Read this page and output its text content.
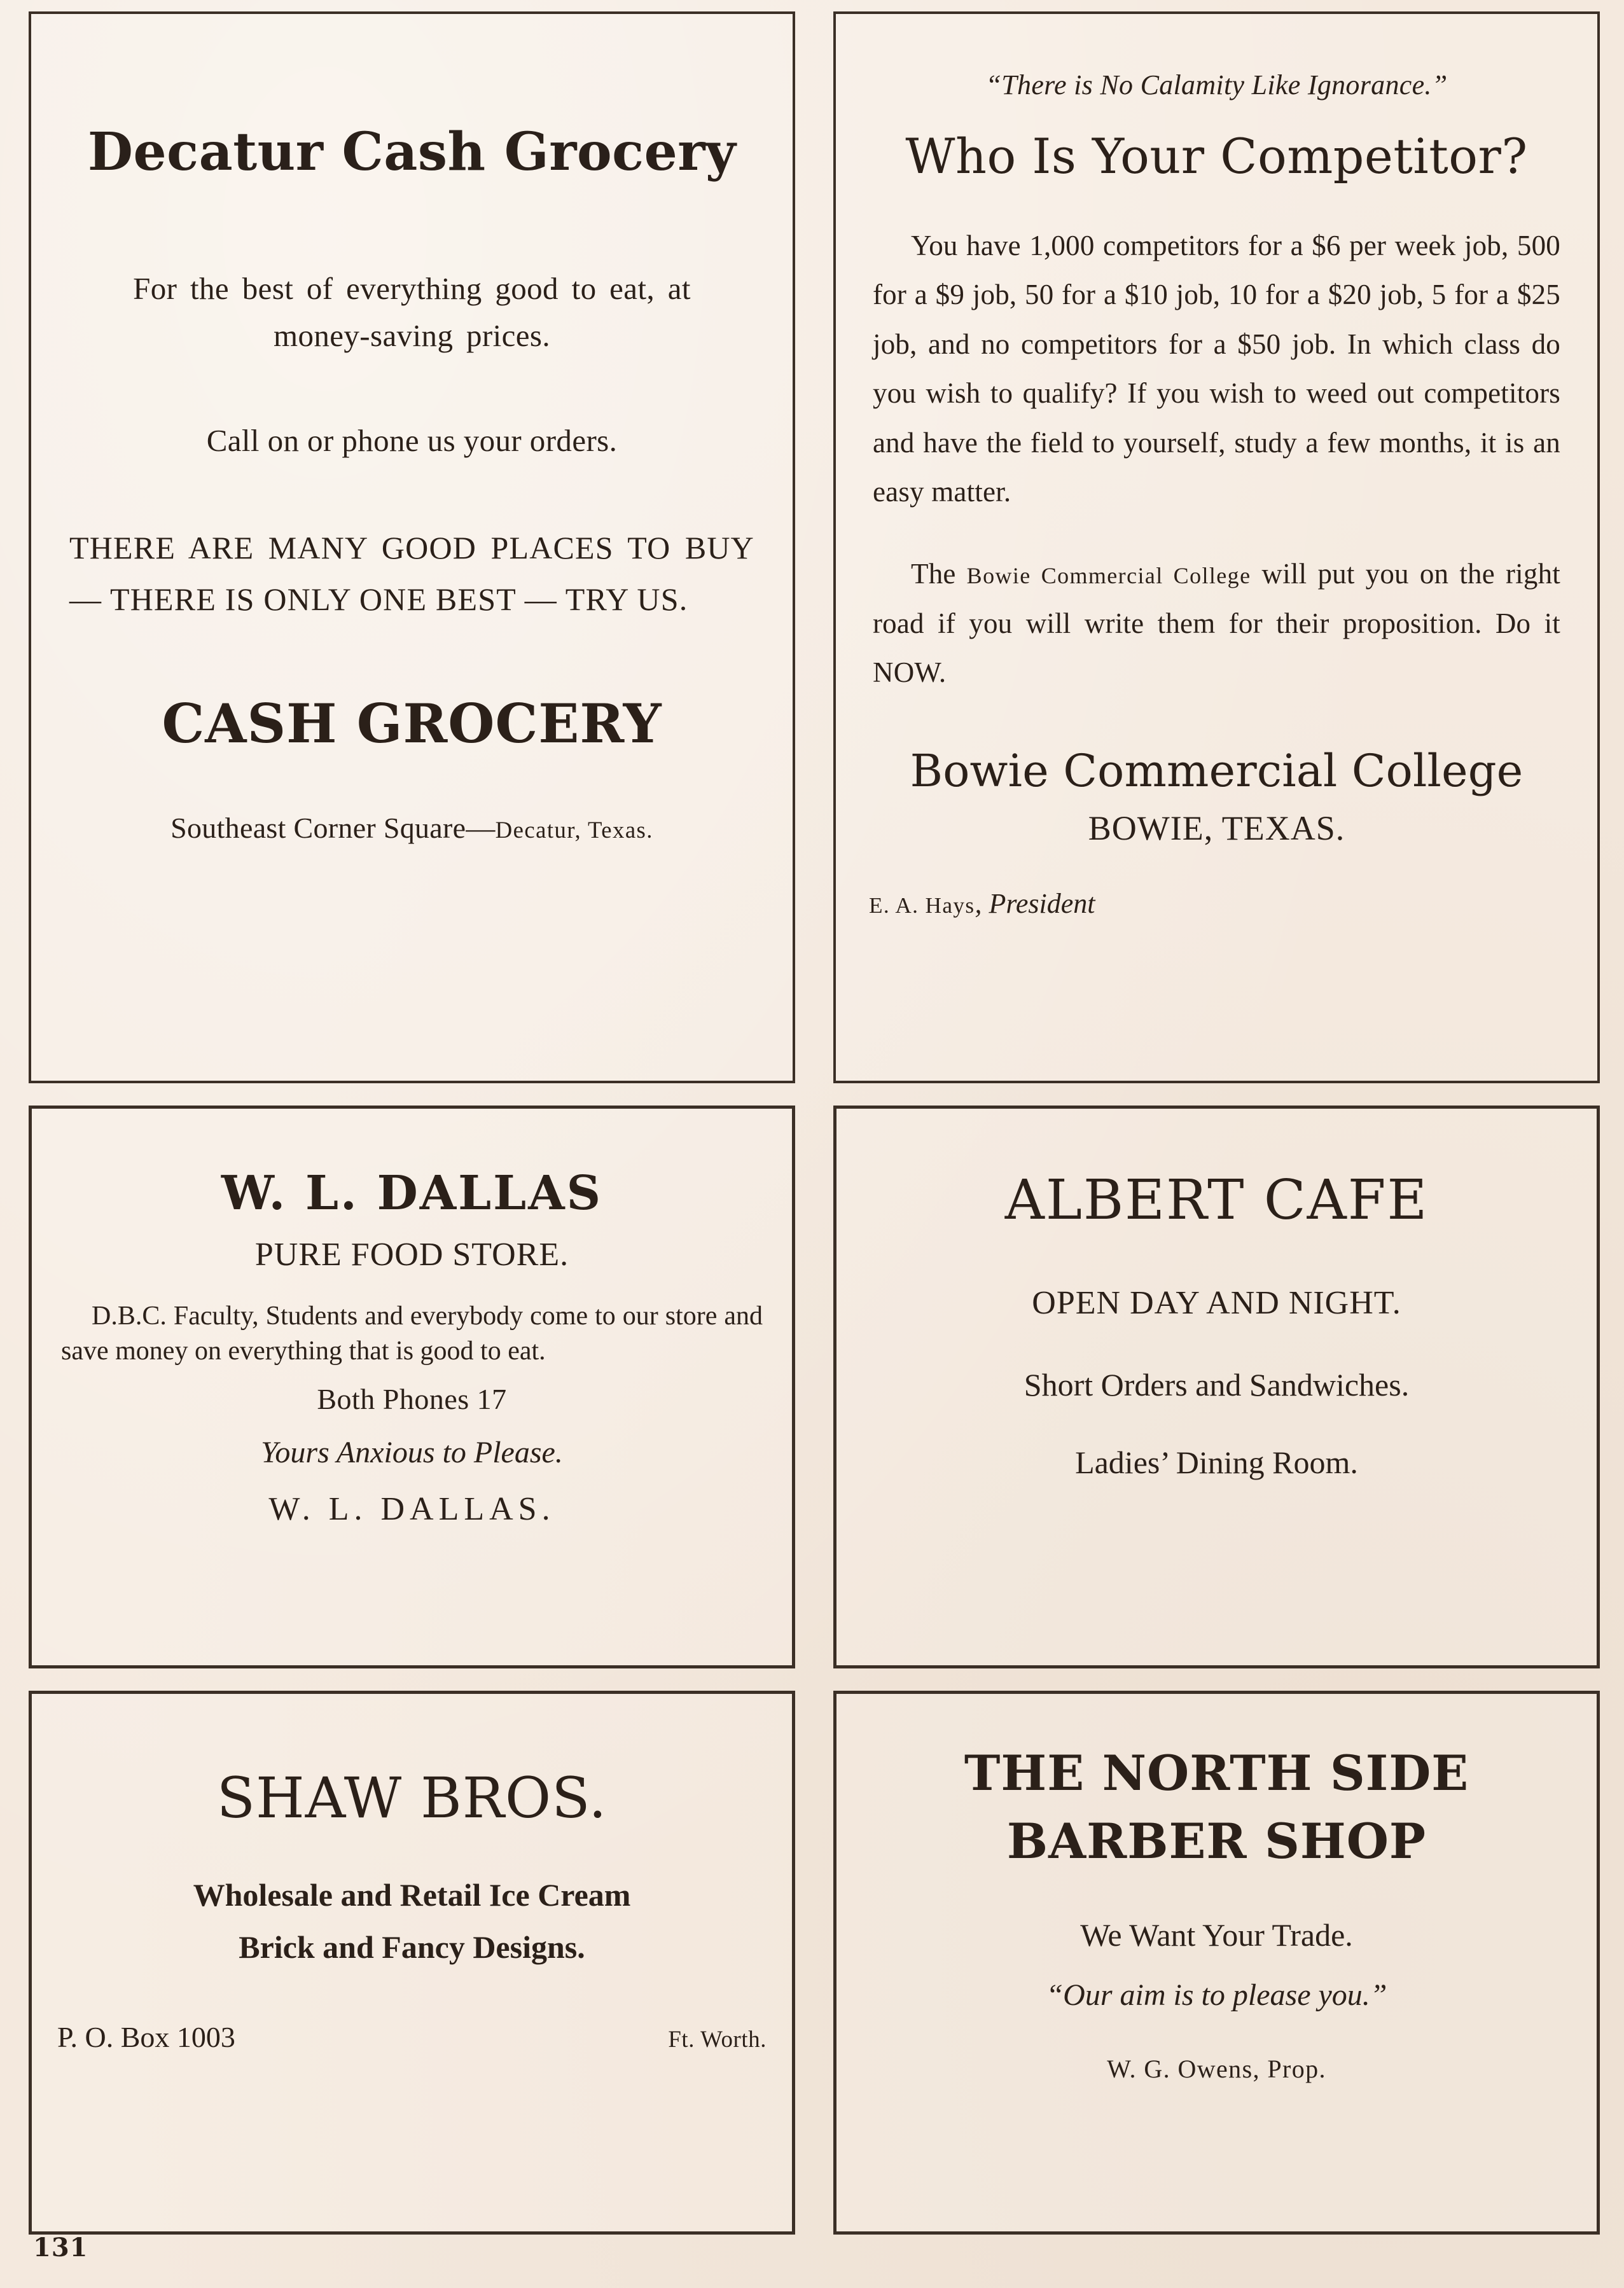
Decatur Cash Grocery
For the best of everything good to eat, at money-saving prices.
Call on or phone us your orders.
THERE ARE MANY GOOD PLACES TO BUY — THERE IS ONLY ONE BEST — TRY US.
CASH GROCERY
Southeast Corner Square—Decatur, Texas.
“There is No Calamity Like Ignorance.”
Who Is Your Competitor?
You have 1,000 competitors for a $6 per week job, 500 for a $9 job, 50 for a $10 job, 10 for a $20 job, 5 for a $25 job, and no competitors for a $50 job. In which class do you wish to qualify? If you wish to weed out competitors and have the field to yourself, study a few months, it is an easy matter.
The Bowie Commercial College will put you on the right road if you will write them for their proposition. Do it NOW.
Bowie Commercial College
BOWIE, TEXAS.
E. A. Hays, President
W. L. DALLAS
PURE FOOD STORE.
D.B.C. Faculty, Students and everybody come to our store and save money on everything that is good to eat.
Both Phones 17
Yours Anxious to Please.
W. L. DALLAS.
ALBERT CAFE
OPEN DAY AND NIGHT.
Short Orders and Sandwiches.
Ladies’ Dining Room.
SHAW BROS.
Wholesale and Retail Ice Cream
Brick and Fancy Designs.
P. O. Box 1003	Ft. Worth.
THE NORTH SIDE
BARBER SHOP
We Want Your Trade.
“Our aim is to please you.”
W. G. Owens, Prop.
131
